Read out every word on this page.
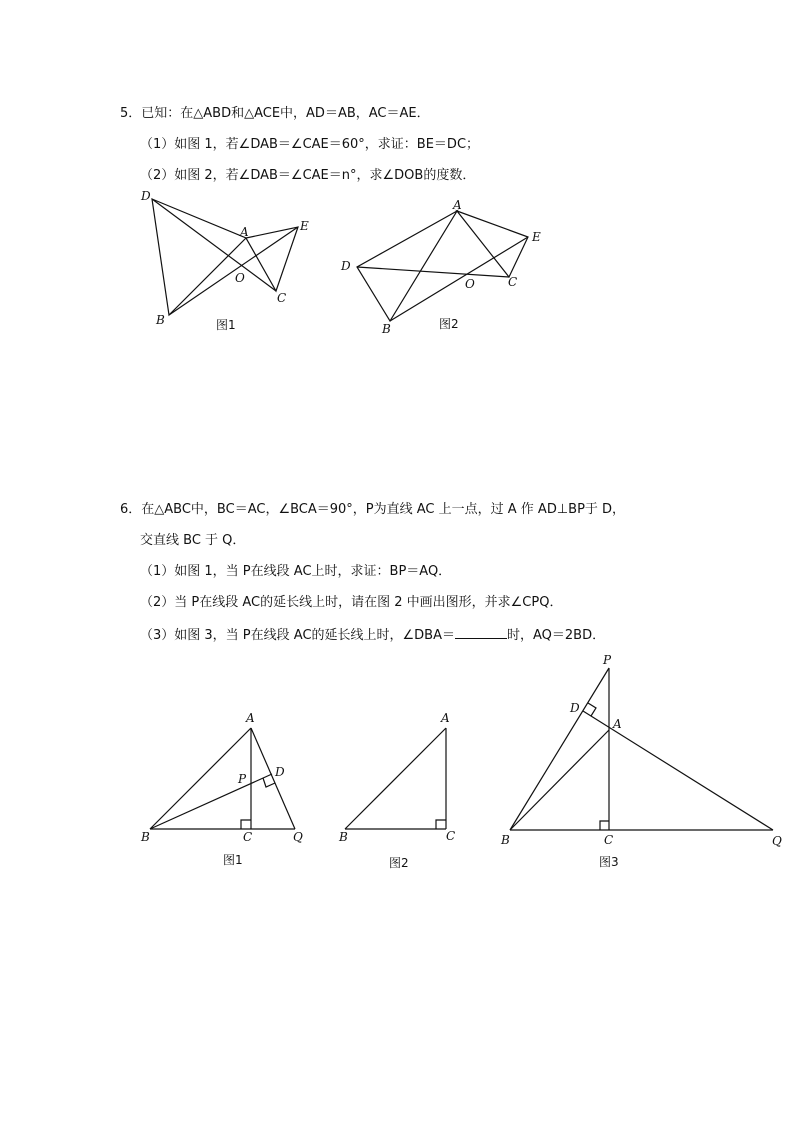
5．已知：在△ABD和△ACE中，AD＝AB，AC＝AE．
（1）如图 1，若∠DAB＝∠CAE＝60°，求证：BE＝DC；
（2）如图 2，若∠DAB＝∠CAE＝n°，求∠DOB的度数．
D
A	E
O
C
B	图1
A
E
D
O	C
B	图2
6．在△ABC中，BC＝AC，∠BCA＝90°，P为直线 AC 上一点，过 A 作 AD⊥BP于 D，
交直线 BC 于 Q．
（1）如图 1，当 P在线段 AC上时，求证：BP＝AQ．
（2）当 P在线段 AC的延长线上时，请在图 2 中画出图形，并求∠CPQ．
（3）如图 3，当 P在线段 AC的延长线上时，∠DBA＝	时，AQ＝2BD．
A
P D
B	C	Q
图1
A
B	C
图2
P
D
A
B	C	Q
图3
